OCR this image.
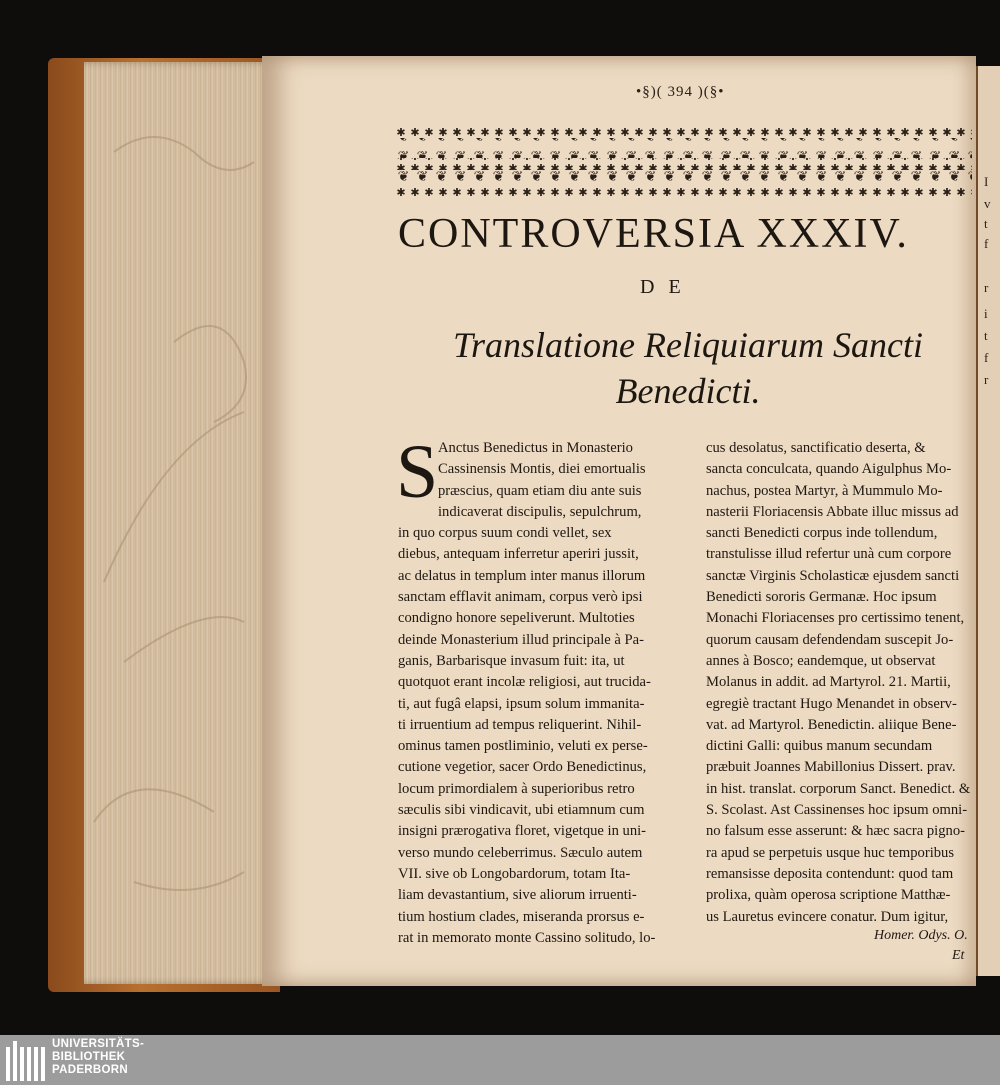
I
v
t
f
r
i
t
f
r
•§)( 394 )(§•
CONTROVERSIA XXXIV.
DE
Translatione Reliquiarum Sancti
Benedicti.
S Anctus Benedictus in Monasterio
Cassinensis Montis, diei emortualis
præscius, quam etiam diu ante suis
indicaverat discipulis, sepulchrum,
in quo corpus suum condi vellet, sex
diebus, antequam inferretur aperiri jussit,
ac delatus in templum inter manus illorum
sanctam efflavit animam, corpus verò ipsi
condigno honore sepeliverunt. Multoties
deinde Monasterium illud principale à Pa-
ganis, Barbarisque invasum fuit: ita, ut
quotquot erant incolæ religiosi, aut trucida-
ti, aut fugâ elapsi, ipsum solum immanita-
ti irruentium ad tempus reliquerint. Nihil-
ominus tamen postliminio, veluti ex perse-
cutione vegetior, sacer Ordo Benedictinus,
locum primordialem à superioribus retro
sæculis sibi vindicavit, ubi etiamnum cum
insigni prærogativa floret, vigetque in uni-
verso mundo celeberrimus. Sæculo autem
VII. sive ob Longobardorum, totam Ita-
liam devastantium, sive aliorum irruenti-
tium hostium clades, miseranda prorsus e-
rat in memorato monte Cassino solitudo, lo-
cus desolatus, sanctificatio deserta, &
sancta conculcata, quando Aigulphus Mo-
nachus, postea Martyr, à Mummulo Mo-
nasterii Floriacensis Abbate illuc missus ad
sancti Benedicti corpus inde tollendum,
transtulisse illud refertur unà cum corpore
sanctæ Virginis Scholasticæ ejusdem sancti
Benedicti sororis Germanæ. Hoc ipsum
Monachi Floriacenses pro certissimo tenent,
quorum causam defendendam suscepit Jo-
annes à Bosco; eandemque, ut observat
Molanus in addit. ad Martyrol. 21. Martii,
egregiè tractant Hugo Menandet in observ-
vat. ad Martyrol. Benedictin. aliique Bene-
dictini Galli: quibus manum secundam
præbuit Joannes Mabillonius Dissert. prav.
in hist. translat. corporum Sanct. Benedict. &
S. Scolast. Ast Cassinenses hoc ipsum omni-
no falsum esse asserunt: & hæc sacra pigno-
ra apud se perpetuis usque huc temporibus
remansisse deposita contendunt: quod tam
prolixa, quàm operosa scriptione Matthæ-
us Lauretus evincere conatur. Dum igitur,
Homer. Odys. O.
Et
UNIVERSITÄTS-
BIBLIOTHEK
PADERBORN
